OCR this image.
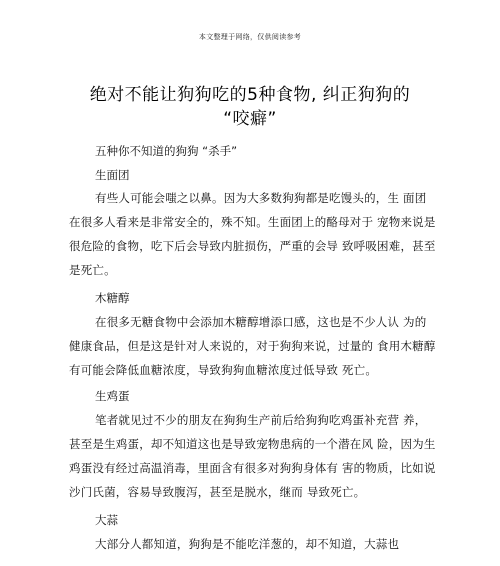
本文整理于网络，仅供阅读参考
绝对不能让狗狗吃的5种食物, 纠正狗狗的
“咬癖”
五种你不知道的狗狗 “杀手”
生面团
有些人可能会嗤之以鼻。因为大多数狗狗都是吃馒头的，生 面团
在很多人看来是非常安全的，殊不知。生面团上的酪母对于 宠物来说是
很危险的食物，吃下后会导致内脏损伤，严重的会导 致呼吸困难，甚至
是死亡。
木糖醇
在很多无糖食物中会添加木糖醇增添口感，这也是不少人认 为的
健康食品，但是这是针对人来说的，对于狗狗来说，过量的 食用木糖醇
有可能会降低血糖浓度，导致狗狗血糖浓度过低导致 死亡。
生鸡蛋
笔者就见过不少的朋友在狗狗生产前后给狗狗吃鸡蛋补充营 养，
甚至是生鸡蛋，却不知道这也是导致宠物患病的一个潜在风 险，因为生
鸡蛋没有经过高温消毒，里面含有很多对狗狗身体有 害的物质，比如说
沙门氏菌，容易导致腹泻，甚至是脱水，继而 导致死亡。
大蒜
大部分人都知道，狗狗是不能吃洋葱的，却不知道，大蒜也
